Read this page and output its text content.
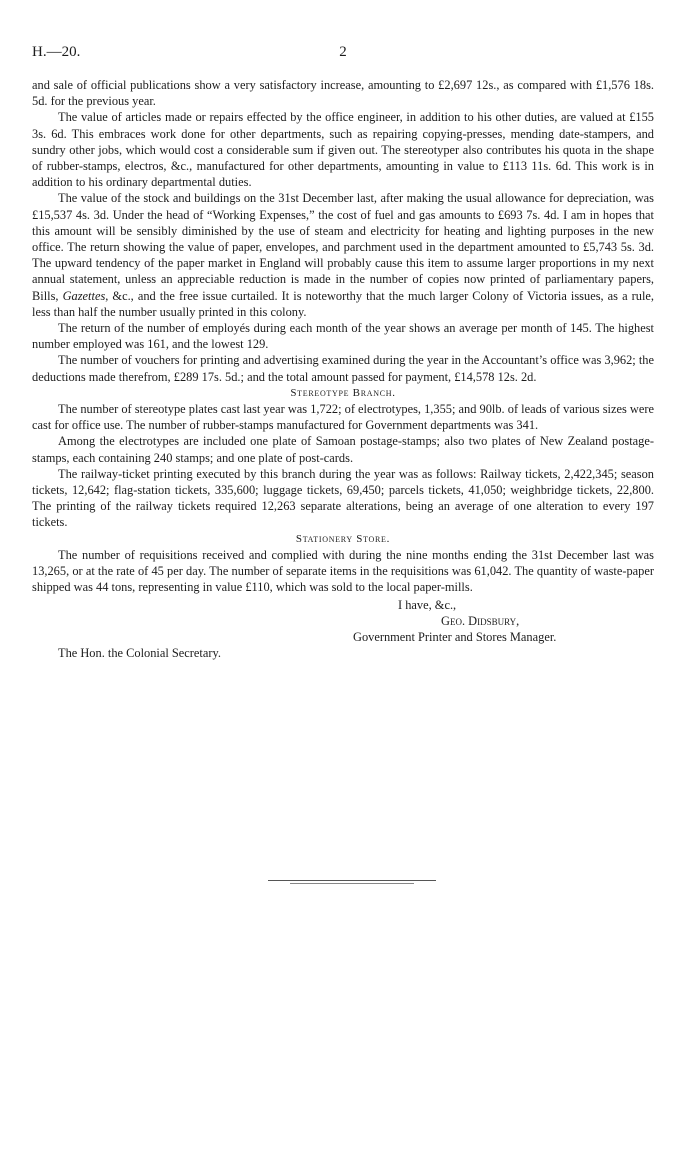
H.—20.	2

and sale of official publications show a very satisfactory increase, amounting to £2,697 12s., as compared with £1,576 18s. 5d. for the previous year.

The value of articles made or repairs effected by the office engineer, in addition to his other duties, are valued at £155 3s. 6d. This embraces work done for other departments, such as repairing copying-presses, mending date-stampers, and sundry other jobs, which would cost a considerable sum if given out. The stereotyper also contributes his quota in the shape of rubber-stamps, electros, &c., manufactured for other departments, amounting in value to £113 11s. 6d. This work is in addition to his ordinary departmental duties.

The value of the stock and buildings on the 31st December last, after making the usual allowance for depreciation, was £15,537 4s. 3d. Under the head of “Working Expenses,” the cost of fuel and gas amounts to £693 7s. 4d. I am in hopes that this amount will be sensibly diminished by the use of steam and electricity for heating and lighting purposes in the new office. The return showing the value of paper, envelopes, and parchment used in the department amounted to £5,743 5s. 3d. The upward tendency of the paper market in England will probably cause this item to assume larger proportions in my next annual statement, unless an appreciable reduction is made in the number of copies now printed of parliamentary papers, Bills, Gazettes, &c., and the free issue curtailed. It is noteworthy that the much larger Colony of Victoria issues, as a rule, less than half the number usually printed in this colony.

The return of the number of employés during each month of the year shows an average per month of 145. The highest number employed was 161, and the lowest 129.

The number of vouchers for printing and advertising examined during the year in the Accountant’s office was 3,962; the deductions made therefrom, £289 17s. 5d.; and the total amount passed for payment, £14,578 12s. 2d.

Stereotype Branch.

The number of stereotype plates cast last year was 1,722; of electrotypes, 1,355; and 90lb. of leads of various sizes were cast for office use. The number of rubber-stamps manufactured for Government departments was 341.

Among the electrotypes are included one plate of Samoan postage-stamps; also two plates of New Zealand postage-stamps, each containing 240 stamps; and one plate of post-cards.

The railway-ticket printing executed by this branch during the year was as follows: Railway tickets, 2,422,345; season tickets, 12,642; flag-station tickets, 335,600; luggage tickets, 69,450; parcels tickets, 41,050; weighbridge tickets, 22,800. The printing of the railway tickets required 12,263 separate alterations, being an average of one alteration to every 197 tickets.

Stationery Store.

The number of requisitions received and complied with during the nine months ending the 31st December last was 13,265, or at the rate of 45 per day. The number of separate items in the requisitions was 61,042. The quantity of waste-paper shipped was 44 tons, representing in value £110, which was sold to the local paper-mills.

I have, &c.,
Geo. Didsbury,
Government Printer and Stores Manager.

The Hon. the Colonial Secretary.
